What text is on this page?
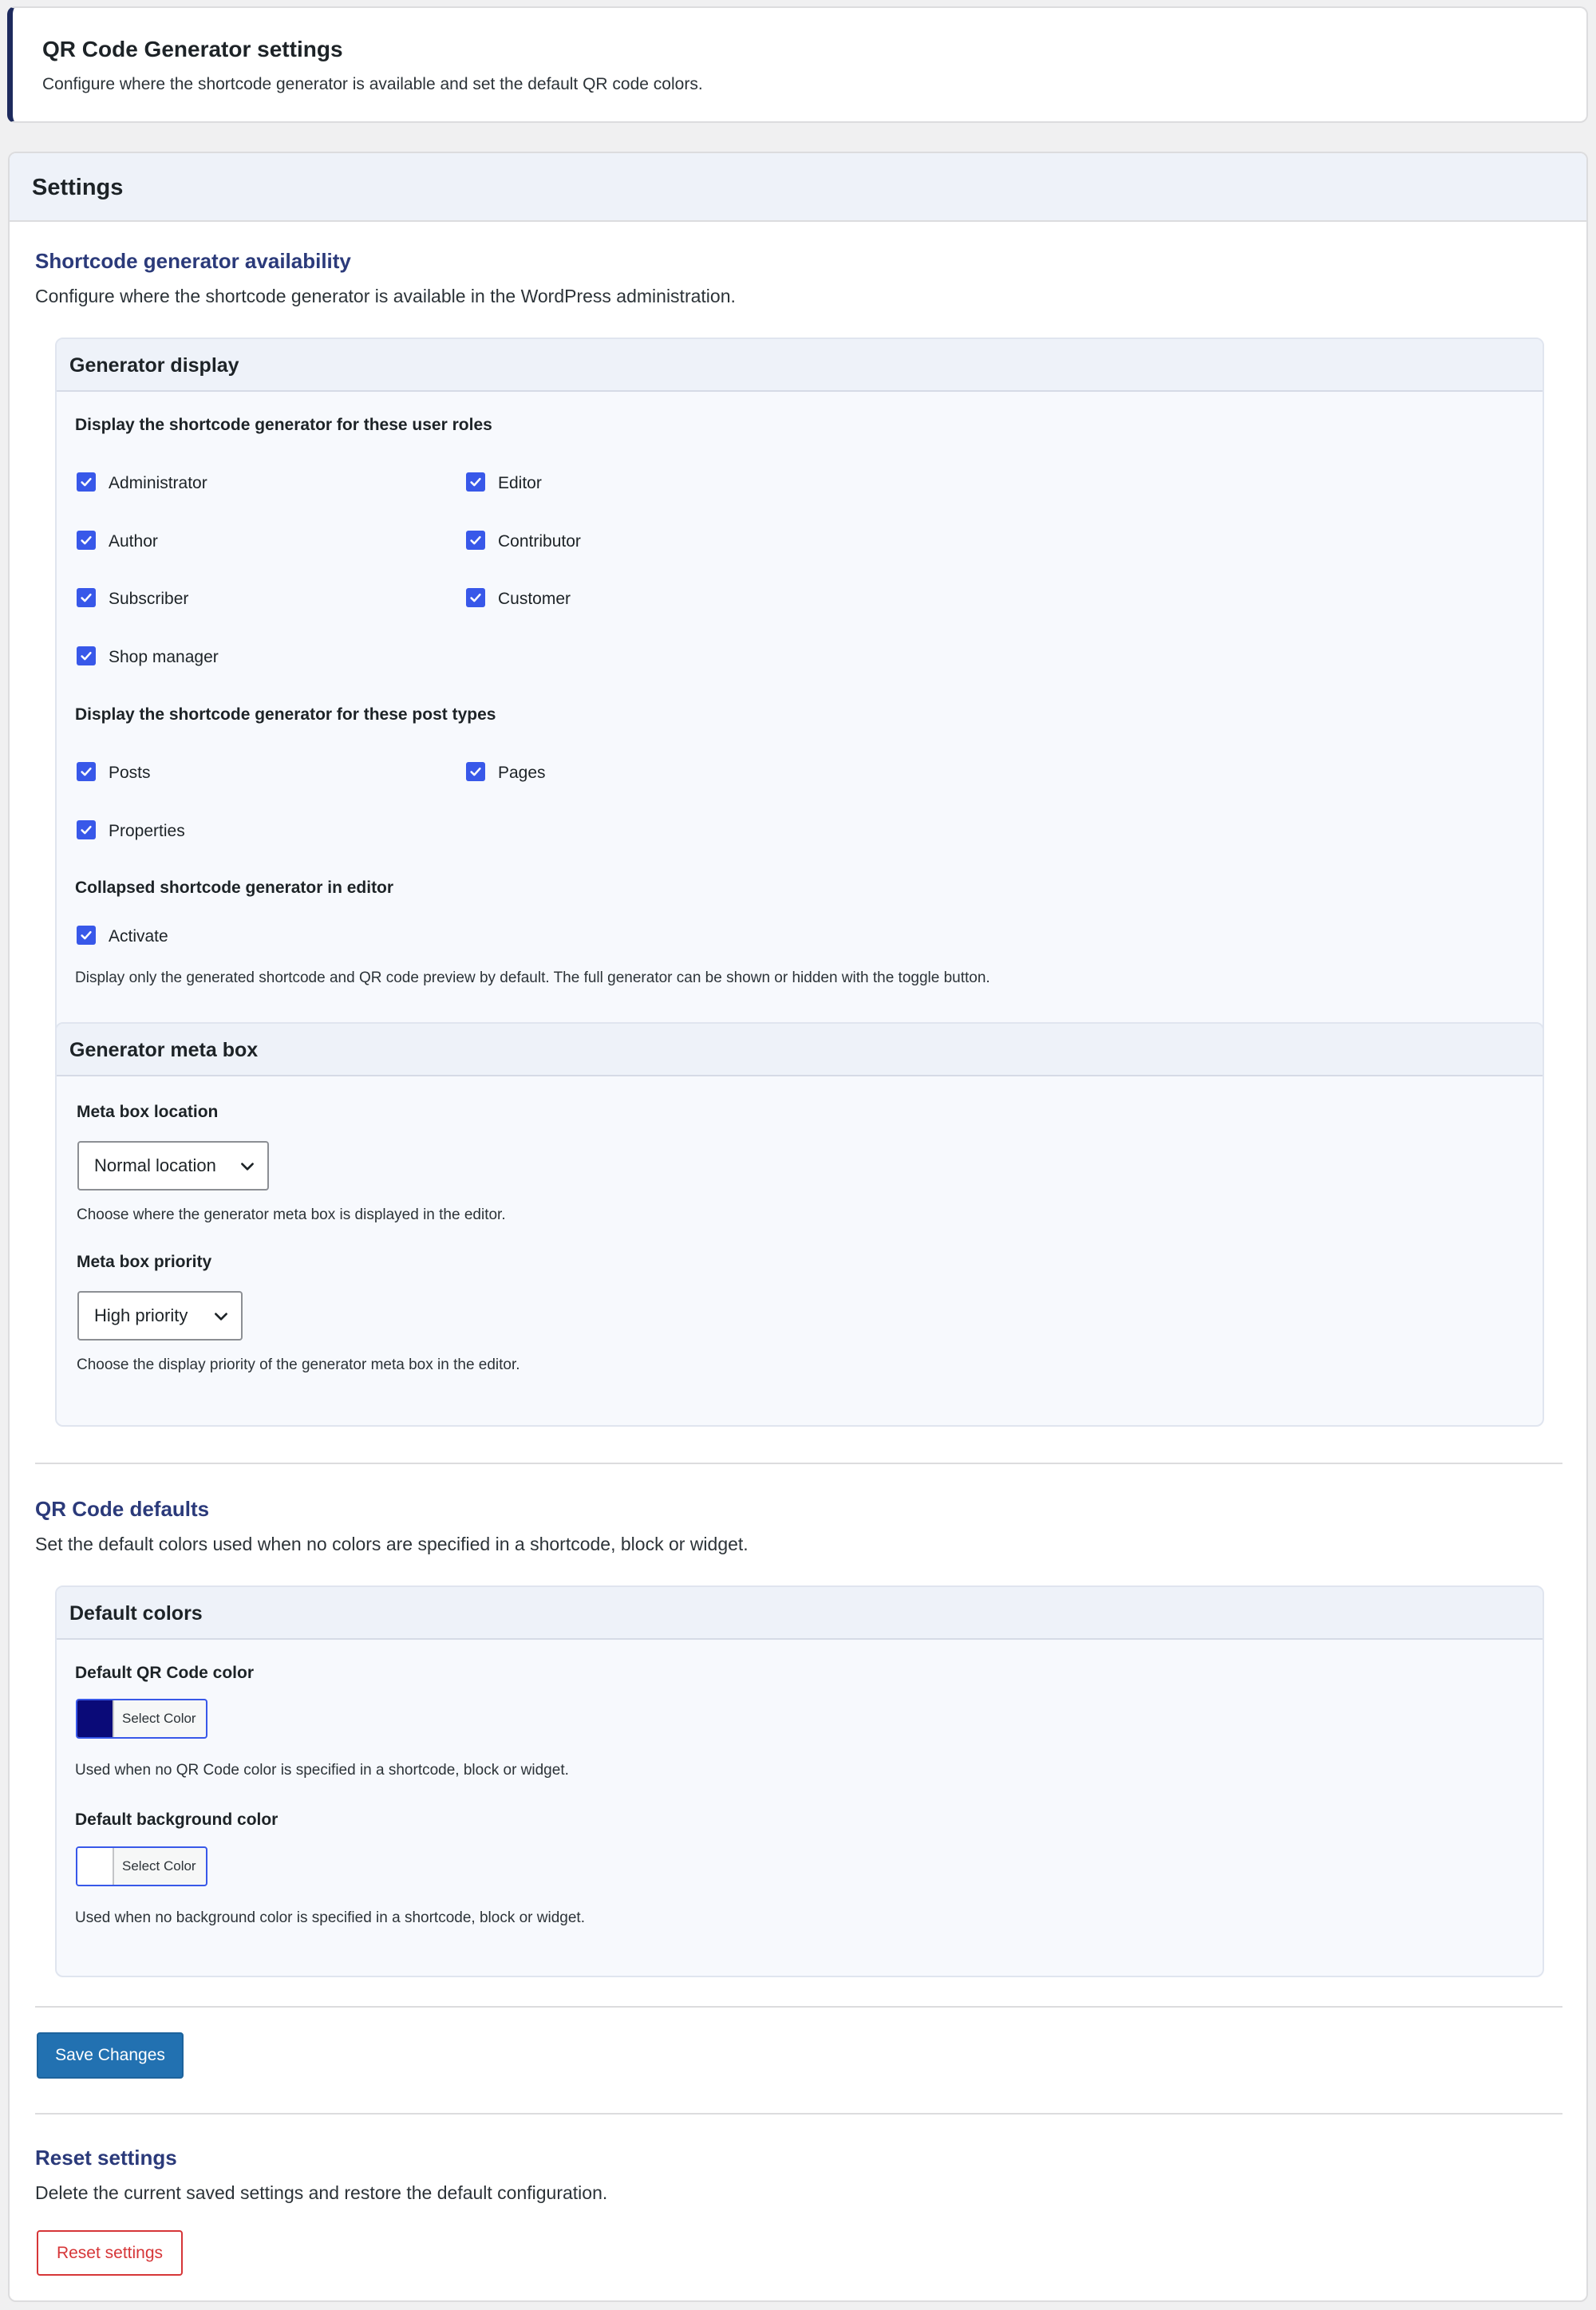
QR Code Generator settings
Configure where the shortcode generator is available and set the default QR code colors.
Settings
Shortcode generator availability
Configure where the shortcode generator is available in the WordPress administration.
Generator display
Display the shortcode generator for these user roles
Administrator	Editor
Author	Contributor
Subscriber	Customer
Shop manager
Display the shortcode generator for these post types
Posts	Pages
Properties
Collapsed shortcode generator in editor
Activate
Display only the generated shortcode and QR code preview by default. The full generator can be shown or hidden with the toggle button.
Generator meta box
Meta box location
Normal location
Choose where the generator meta box is displayed in the editor.
Meta box priority
High priority
Choose the display priority of the generator meta box in the editor.
QR Code defaults
Set the default colors used when no colors are specified in a shortcode, block or widget.
Default colors
Default QR Code color
Select Color
Used when no QR Code color is specified in a shortcode, block or widget.
Default background color
Select Color
Used when no background color is specified in a shortcode, block or widget.
Save Changes
Reset settings
Delete the current saved settings and restore the default configuration.
Reset settings
